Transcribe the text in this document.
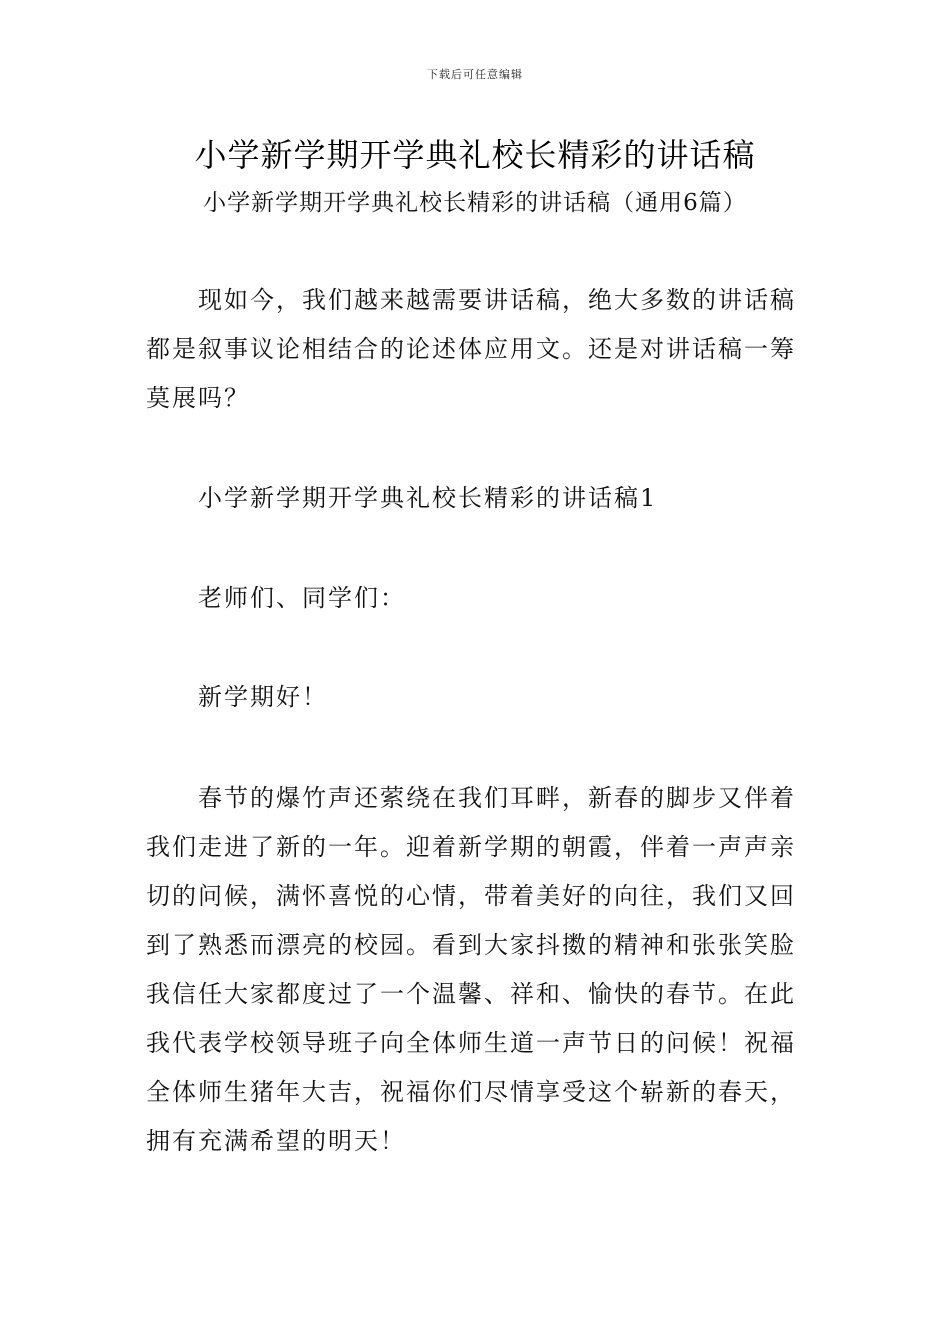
下载后可任意编辑
小学新学期开学典礼校长精彩的讲话稿
小学新学期开学典礼校长精彩的讲话稿（通用6篇）

现如今，我们越来越需要讲话稿，绝大多数的讲话稿都是叙事议论相结合的论述体应用文。还是对讲话稿一筹莫展吗？

小学新学期开学典礼校长精彩的讲话稿1

老师们、同学们：

新学期好！

春节的爆竹声还萦绕在我们耳畔，新春的脚步又伴着我们走进了新的一年。迎着新学期的朝霞，伴着一声声亲切的问候，满怀喜悦的心情，带着美好的向往，我们又回到了熟悉而漂亮的校园。看到大家抖擞的精神和张张笑脸我信任大家都度过了一个温馨、祥和、愉快的春节。在此我代表学校领导班子向全体师生道一声节日的问候！祝福全体师生猪年大吉，祝福你们尽情享受这个崭新的春天，拥有充满希望的明天！
